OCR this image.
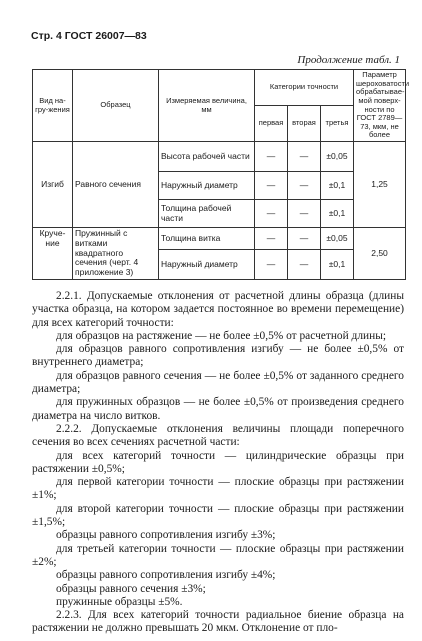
Стр. 4 ГОСТ 26007—83
Продолжение табл. 1
Вид на-гру-жения	Образец	Измеряемая величина, мм	Категории точности			Параметр шероховатости обрабатывае-мой поверх-ности по ГОСТ 2789—73, мкм, не более
			первая	вторая	третья	
Изгиб	Равного сечения	Высота рабочей части	—	—	±0,05	1,25
		Наружный диаметр	—	—	±0,1	
		Толщина рабочей части	—	—	±0,1	
Круче-ние	Пружинный с витками квадратного сечения (черт. 4 приложение 3)	Толщина витка	—	—	±0,05	2,50
		Наружный диаметр	—	—	±0,1	

2.2.1. Допускаемые отклонения от расчетной длины образца (длины участка образца, на котором задается постоянное во времени перемещение) для всех категорий точности:

для образцов на растяжение — не более ±0,5% от расчетной длины;

для образцов равного сопротивления изгибу — не более ±0,5% от внутреннего диаметра;

для образцов равного сечения — не более ±0,5% от заданного среднего диаметра;

для пружинных образцов — не более ±0,5% от произведения среднего диаметра на число витков.

2.2.2. Допускаемые отклонения величины площади поперечного сечения во всех сечениях расчетной части:

для всех категорий точности — цилиндрические образцы при растяжении ±0,5%;

для первой категории точности — плоские образцы при растяжении ±1%;

для второй категории точности — плоские образцы при растяжении ±1,5%;

образцы равного сопротивления изгибу ±3%;

для третьей категории точности — плоские образцы при растяжении ±2%;

образцы равного сопротивления изгибу ±4%;

образцы равного сечения ±3%;

пружинные образцы ±5%.

2.2.3. Для всех категорий точности радиальное биение образца на растяжении не должно превышать 20 мкм. Отклонение от пло-
